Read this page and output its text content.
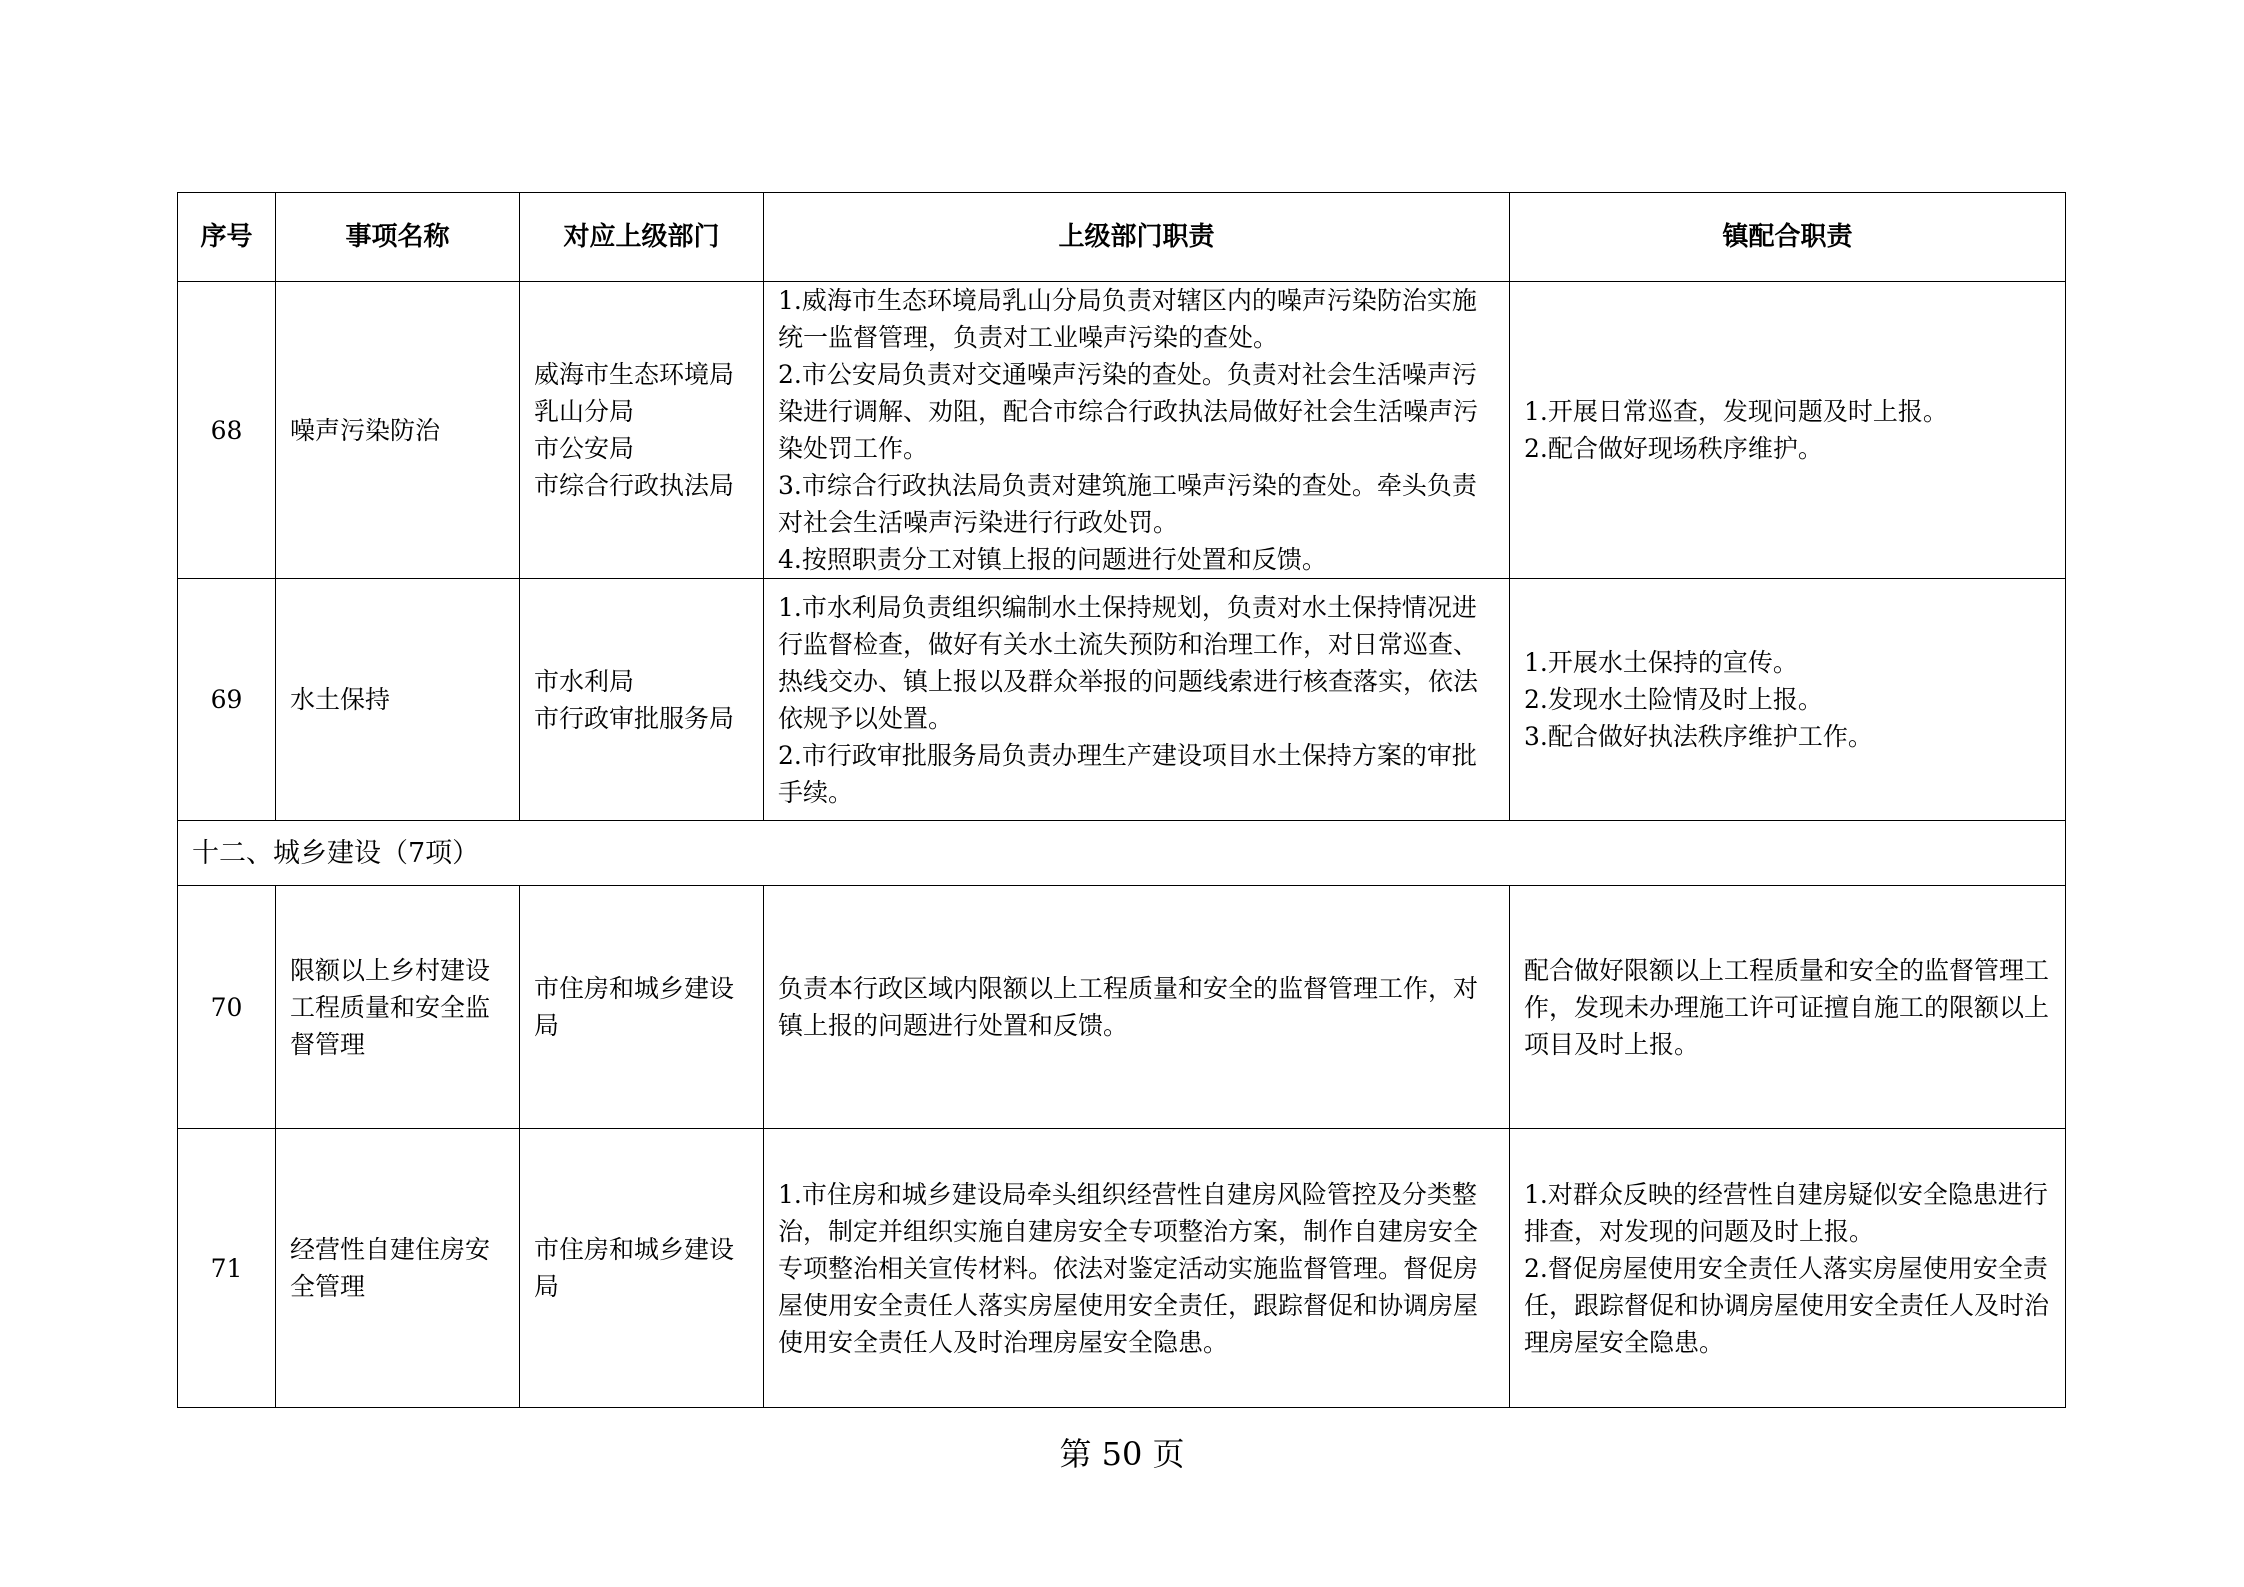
序号	事项名称	对应上级部门	上级部门职责	镇配合职责
68	噪声污染防治	威海市生态环境局乳山分局
市公安局
市综合行政执法局	1.威海市生态环境局乳山分局负责对辖区内的噪声污染防治实施统一监督管理，负责对工业噪声污染的查处。
2.市公安局负责对交通噪声污染的查处。负责对社会生活噪声污染进行调解、劝阻，配合市综合行政执法局做好社会生活噪声污染处罚工作。
3.市综合行政执法局负责对建筑施工噪声污染的查处。牵头负责对社会生活噪声污染进行行政处罚。
4.按照职责分工对镇上报的问题进行处置和反馈。	1.开展日常巡查，发现问题及时上报。
2.配合做好现场秩序维护。

69	水土保持	市水利局
市行政审批服务局	1.市水利局负责组织编制水土保持规划，负责对水土保持情况进行监督检查，做好有关水土流失预防和治理工作，对日常巡查、热线交办、镇上报以及群众举报的问题线索进行核查落实，依法依规予以处置。
2.市行政审批服务局负责办理生产建设项目水土保持方案的审批手续。	1.开展水土保持的宣传。
2.发现水土险情及时上报。
3.配合做好执法秩序维护工作。

十二、城乡建设（7项）				
70	限额以上乡村建设工程质量和安全监督管理	市住房和城乡建设局	负责本行政区域内限额以上工程质量和安全的监督管理工作，对镇上报的问题进行处置和反馈。	配合做好限额以上工程质量和安全的监督管理工作，发现未办理施工许可证擅自施工的限额以上项目及时上报。

71	经营性自建住房安全管理	市住房和城乡建设局	1.市住房和城乡建设局牵头组织经营性自建房风险管控及分类整治，制定并组织实施自建房安全专项整治方案，制作自建房安全专项整治相关宣传材料。依法对鉴定活动实施监督管理。督促房屋使用安全责任人落实房屋使用安全责任，跟踪督促和协调房屋使用安全责任人及时治理房屋安全隐患。	1.对群众反映的经营性自建房疑似安全隐患进行排查，对发现的问题及时上报。
2.督促房屋使用安全责任人落实房屋使用安全责任，跟踪督促和协调房屋使用安全责任人及时治理房屋安全隐患。
第 50 页
